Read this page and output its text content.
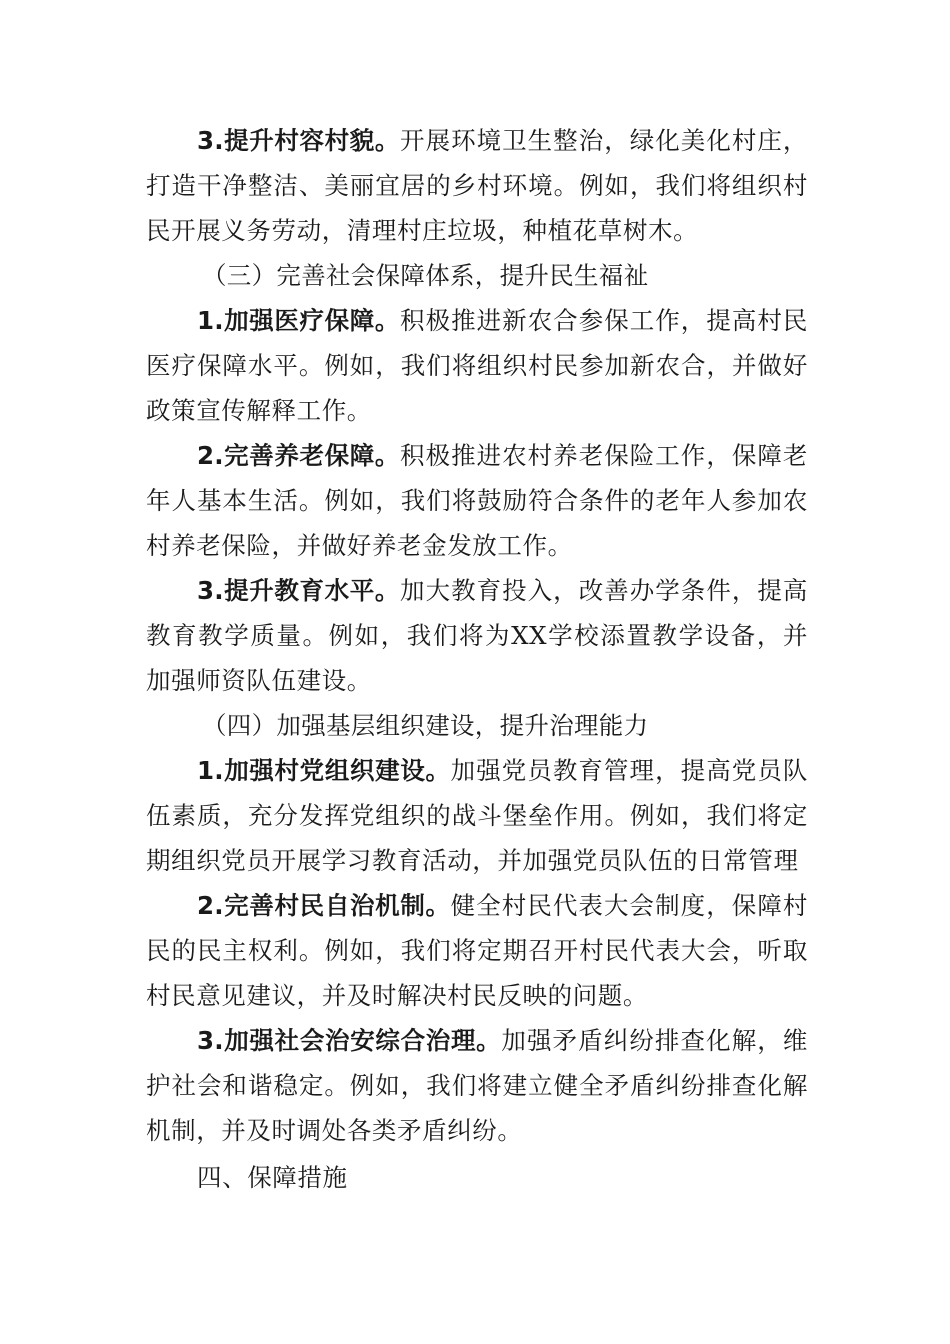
3.提升村容村貌。开展环境卫生整治，绿化美化村庄，打造干净整洁、美丽宜居的乡村环境。例如，我们将组织村民开展义务劳动，清理村庄垃圾，种植花草树木。

（三）完善社会保障体系，提升民生福祉

1.加强医疗保障。积极推进新农合参保工作，提高村民医疗保障水平。例如，我们将组织村民参加新农合，并做好政策宣传解释工作。

2.完善养老保障。积极推进农村养老保险工作，保障老年人基本生活。例如，我们将鼓励符合条件的老年人参加农村养老保险，并做好养老金发放工作。

3.提升教育水平。加大教育投入，改善办学条件，提高教育教学质量。例如，我们将为XX学校添置教学设备，并加强师资队伍建设。

（四）加强基层组织建设，提升治理能力

1.加强村党组织建设。加强党员教育管理，提高党员队伍素质，充分发挥党组织的战斗堡垒作用。例如，我们将定期组织党员开展学习教育活动，并加强党员队伍的日常管理

2.完善村民自治机制。健全村民代表大会制度，保障村民的民主权利。例如，我们将定期召开村民代表大会，听取村民意见建议，并及时解决村民反映的问题。

3.加强社会治安综合治理。加强矛盾纠纷排查化解，维护社会和谐稳定。例如，我们将建立健全矛盾纠纷排查化解机制，并及时调处各类矛盾纠纷。

四、保障措施
